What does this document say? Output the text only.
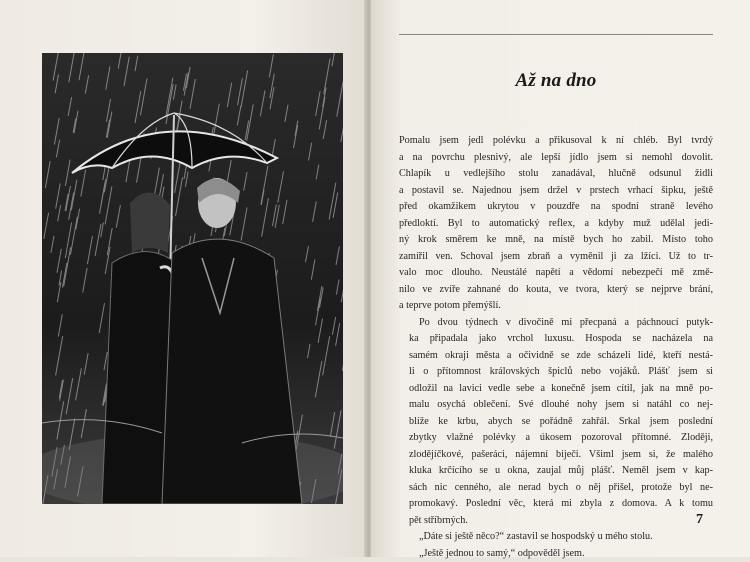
Až na dno
Pomalu jsem jedl polévku a přikusoval k ní chléb. Byl tvrdý
a na povrchu plesnivý, ale lepší jídlo jsem si nemohl dovolit.
Chlapík u vedlejšího stolu zanadával, hlučně odsunul židli
a postavil se. Najednou jsem držel v prstech vrhací šipku, ještě
před okamžikem ukrytou v pouzdře na spodní straně levého
předloktí. Byl to automatický reflex, a kdyby muž udělal jedi-
ný krok směrem ke mně, na místě bych ho zabil. Místo toho
zamířil ven. Schoval jsem zbraň a vyměnil ji za lžíci. Už to tr-
valo moc dlouho. Neustálé napětí a vědomí nebezpečí mě změ-
nilo ve zvíře zahnané do kouta, ve tvora, který se nejprve brání,
a teprve potom přemýšlí.
Po dvou týdnech v divočině mi přecpaná a páchnoucí putyk-
ka připadala jako vrchol luxusu. Hospoda se nacházela na
samém okraji města a očividně se zde scházeli lidé, kteří nestá-
li o přítomnost královských špiclů nebo vojáků. Plášť jsem si
odložil na lavici vedle sebe a konečně jsem cítil, jak na mně po-
malu osychá oblečení. Své dlouhé nohy jsem si natáhl co nej-
blíže ke krbu, abych se pořádně zahřál. Srkal jsem poslední
zbytky vlažné polévky a úkosem pozoroval přítomné. Zloději,
zlodějíčkové, pašeráci, nájemní biječi. Všiml jsem si, že malého
kluka krčícího se u okna, zaujal můj plášť. Neměl jsem v kap-
sách nic cenného, ale nerad bych o něj přišel, protože byl ne-
promokavý. Poslední věc, která mi zbyla z domova. A k tomu
pět stříbrných.
„Dáte si ještě něco?“ zastavil se hospodský u mého stolu.
„Ještě jednou to samý,“ odpověděl jsem.
7
